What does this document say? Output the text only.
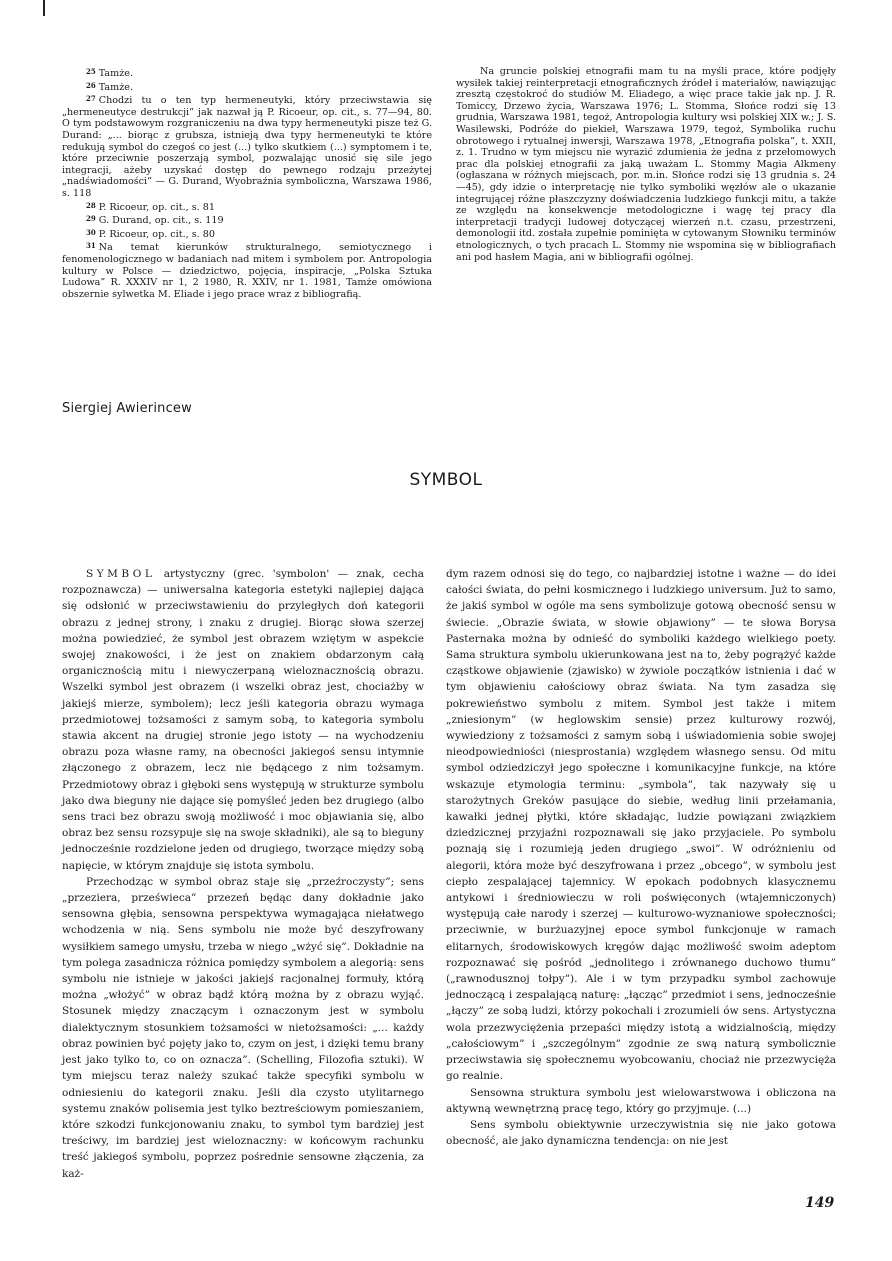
$^{25}$ Tamże.

$^{26}$ Tamże.

$^{27}$ Chodzi tu o ten typ hermeneutyki, który przeciwstawia się „hermeneutyce destrukcji” jak nazwał ją P. Ricoeur, op. cit., s. 77—94, 80. O tym podstawowym rozgraniczeniu na dwa typy hermeneutyki pisze też G. Durand: „... biorąc z grubsza, istnieją dwa typy hermeneutyki te które redukują symbol do czegoś co jest (...) tylko skutkiem (...) symptomem i te, które przeciwnie poszerzają symbol, pozwalając unosić się sile jego integracji, ażeby uzyskać dostęp do pewnego rodzaju przeżytej „nadświadomości” — G. Durand, Wyobraźnia symboliczna, Warszawa 1986, s. 118

$^{28}$ P. Ricoeur, op. cit., s. 81

$^{29}$ G. Durand, op. cit., s. 119

$^{30}$ P. Ricoeur, op. cit., s. 80

$^{31}$ Na temat kierunków strukturalnego, semiotycznego i fenomenologicznego w badaniach nad mitem i symbolem por. Antropologia kultury w Polsce — dziedzictwo, pojęcia, inspiracje, „Polska Sztuka Ludowa” R. XXXIV nr 1, 2 1980, R. XXIV, nr 1. 1981, Tamże omówiona obszernie sylwetka M. Eliade i jego prace wraz z bibliografią.

Na gruncie polskiej etnografii mam tu na myśli prace, które podjęły wysiłek takiej reinterpretacji etnograficznych źródeł i materiałów, nawiązując zresztą częstokroć do studiów M. Eliadego, a więc prace takie jak np. J. R. Tomiccy, Drzewo życia, Warszawa 1976; L. Stomma, Słońce rodzi się 13 grudnia, Warszawa 1981, tegoż, Antropologia kultury wsi polskiej XIX w.; J. S. Wasilewski, Podróże do piekieł, Warszawa 1979, tegoż, Symbolika ruchu obrotowego i rytualnej inwersji, Warszawa 1978, „Etnografia polska”, t. XXII, z. 1. Trudno w tym miejscu nie wyrazić zdumienia że jedna z przełomowych prac dla polskiej etnografii za jaką uważam L. Stommy Magia Alkmeny (ogłaszana w różnych miejscach, por. m.in. Słońce rodzi się 13 grudnia s. 24—45), gdy idzie o interpretację nie tylko symboliki węzłów ale o ukazanie integrującej różne płaszczyzny doświadczenia ludzkiego funkcji mitu, a także ze względu na konsekwencje metodologiczne i wagę tej pracy dla interpretacji tradycji ludowej dotyczącej wierzeń n.t. czasu, przestrzeni, demonologii itd. została zupełnie pominięta w cytowanym Słowniku terminów etnologicznych, o tych pracach L. Stommy nie wspomina się w bibliografiach ani pod hasłem Magia, ani w bibliografii ogólnej.

Siergiej Awierincew
SYMBOL

SYMBOL artystyczny (grec. 'symbolon' — znak, cecha rozpoznawcza) — uniwersalna kategoria estetyki najlepiej dająca się odsłonić w przeciwstawieniu do przyległych doń kategorii obrazu z jednej strony, i znaku z drugiej. Biorąc słowa szerzej można powiedzieć, że symbol jest obrazem wziętym w aspekcie swojej znakowości, i że jest on znakiem obdarzonym całą organicznością mitu i niewyczerpaną wieloznacznością obrazu. Wszelki symbol jest obrazem (i wszelki obraz jest, chociażby w jakiejś mierze, symbolem); lecz jeśli kategoria obrazu wymaga przedmiotowej tożsamości z samym sobą, to kategoria symbolu stawia akcent na drugiej stronie jego istoty — na wychodzeniu obrazu poza własne ramy, na obecności jakiegoś sensu intymnie złączonego z obrazem, lecz nie będącego z nim tożsamym. Przedmiotowy obraz i głęboki sens występują w strukturze symbolu jako dwa bieguny nie dające się pomyśleć jeden bez drugiego (albo sens traci bez obrazu swoją możliwość i moc objawiania się, albo obraz bez sensu rozsypuje się na swoje składniki), ale są to bieguny jednocześnie rozdzielone jeden od drugiego, tworzące między sobą napięcie, w którym znajduje się istota symbolu.

Przechodząc w symbol obraz staje się „przeźroczysty”; sens „przeziera, prześwieca” przezeń będąc dany dokładnie jako sensowna głębia, sensowna perspektywa wymagająca niełatwego wchodzenia w nią. Sens symbolu nie może być deszyfrowany wysiłkiem samego umysłu, trzeba w niego „wżyć się”. Dokładnie na tym polega zasadnicza różnica pomiędzy symbolem a alegorią: sens symbolu nie istnieje w jakości jakiejś racjonalnej formuły, którą można „włożyć” w obraz bądź którą można by z obrazu wyjąć. Stosunek między znaczącym i oznaczonym jest w symbolu dialektycznym stosunkiem tożsamości w nietożsamości: „... każdy obraz powinien być pojęty jako to, czym on jest, i dzięki temu brany jest jako tylko to, co on oznacza”. (Schelling, Filozofia sztuki). W tym miejscu teraz należy szukać także specyfiki symbolu w odniesieniu do kategorii znaku. Jeśli dla czysto utylitarnego systemu znaków polisemia jest tylko beztreściowym pomieszaniem, które szkodzi funkcjonowaniu znaku, to symbol tym bardziej jest treściwy, im bardziej jest wieloznaczny: w końcowym rachunku treść jakiegoś symbolu, poprzez pośrednie sensowne złączenia, za każ-

dym razem odnosi się do tego, co najbardziej istotne i ważne — do idei całości świata, do pełni kosmicznego i ludzkiego universum. Już to samo, że jakiś symbol w ogóle ma sens symbolizuje gotową obecność sensu w świecie. „Obrazie świata, w słowie objawiony” — te słowa Borysa Pasternaka można by odnieść do symboliki każdego wielkiego poety. Sama struktura symbolu ukierunkowana jest na to, żeby pogrążyć każde cząstkowe objawienie (zjawisko) w żywiole początków istnienia i dać w tym objawieniu całościowy obraz świata. Na tym zasadza się pokrewieństwo symbolu z mitem. Symbol jest także i mitem „zniesionym” (w heglowskim sensie) przez kulturowy rozwój, wywiedziony z tożsamości z samym sobą i uświadomienia sobie swojej nieodpowiedniości (niesprostania) względem własnego sensu. Od mitu symbol odziedziczył jego społeczne i komunikacyjne funkcje, na które wskazuje etymologia terminu: „symbola”, tak nazywały się u starożytnych Greków pasujące do siebie, według linii przełamania, kawałki jednej płytki, które składając, ludzie powiązani związkiem dziedzicznej przyjaźni rozpoznawali się jako przyjaciele. Po symbolu poznają się i rozumieją jeden drugiego „swoi”. W odróżnieniu od alegorii, która może być deszyfrowana i przez „obcego”, w symbolu jest ciepło zespalającej tajemnicy. W epokach podobnych klasycznemu antykowi i średniowieczu w roli poświęconych (wtajemniczonych) występują całe narody i szerzej — kulturowo-wyznaniowe społeczności; przeciwnie, w burżuazyjnej epoce symbol funkcjonuje w ramach elitarnych, środowiskowych kręgów dając możliwość swoim adeptom rozpoznawać się pośród „jednolitego i zrównanego duchowo tłumu” („rawnodusznoj tołpy”). Ale i w tym przypadku symbol zachowuje jednoczącą i zespalającą naturę: „łącząc” przedmiot i sens, jednocześnie „łączy” ze sobą ludzi, którzy pokochali i zrozumieli ów sens. Artystyczna wola przezwyciężenia przepaści między istotą a widzialnością, między „całościowym” i „szczególnym” zgodnie ze swą naturą symbolicznie przeciwstawia się społecznemu wyobcowaniu, chociaż nie przezwycięża go realnie.

Sensowna struktura symbolu jest wielowarstwowa i obliczona na aktywną wewnętrzną pracę tego, który go przyjmuje. (...)

Sens symbolu obiektywnie urzeczywistnia się nie jako gotowa obecność, ale jako dynamiczna tendencja: on nie jest

149
